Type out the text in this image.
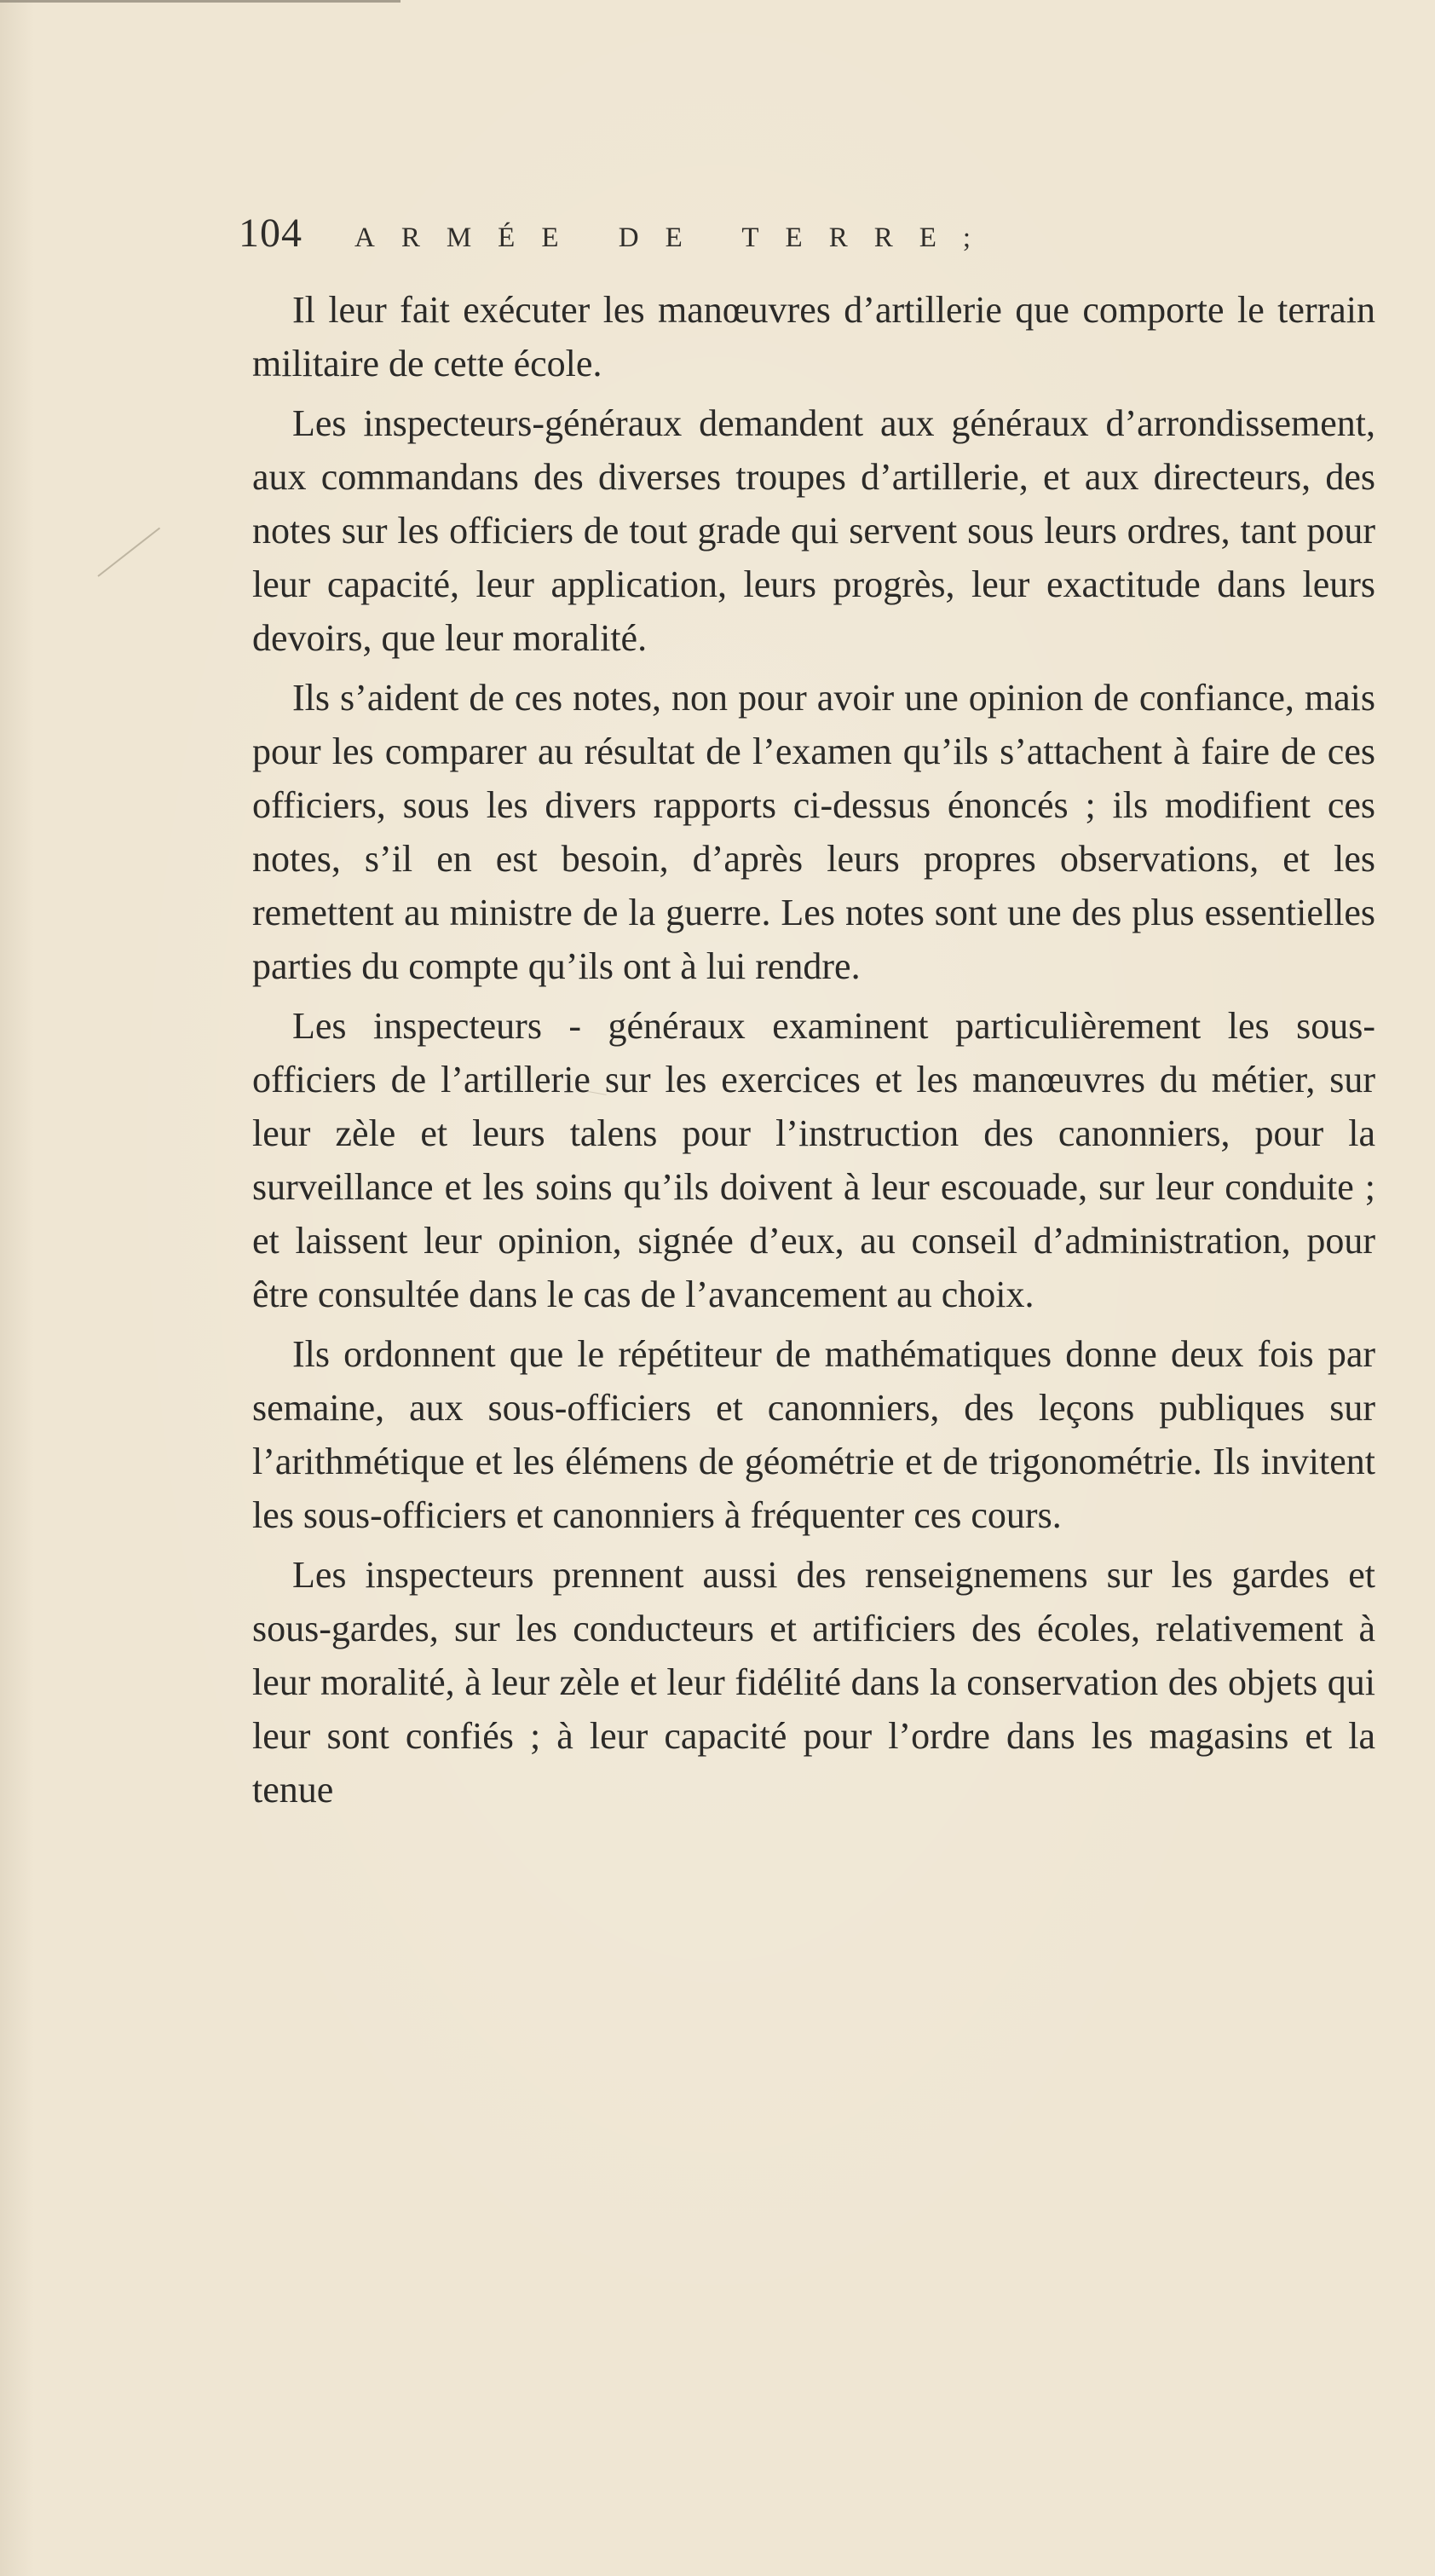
104	ARMÉE DE TERRE;

Il leur fait exécuter les manœuvres d’artillerie que comporte le terrain militaire de cette école.

Les inspecteurs-généraux demandent aux généraux d’arrondissement, aux commandans des diverses troupes d’artillerie, et aux directeurs, des notes sur les officiers de tout grade qui servent sous leurs ordres, tant pour leur capacité, leur application, leurs progrès, leur exactitude dans leurs devoirs, que leur moralité.

Ils s’aident de ces notes, non pour avoir une opinion de confiance, mais pour les comparer au résultat de l’examen qu’ils s’attachent à faire de ces officiers, sous les divers rapports ci-dessus énoncés ; ils modifient ces notes, s’il en est besoin, d’après leurs propres observations, et les remettent au ministre de la guerre. Les notes sont une des plus essentielles parties du compte qu’ils ont à lui rendre.

Les inspecteurs - généraux examinent particulièrement les sous-officiers de l’artillerie sur les exercices et les manœuvres du métier, sur leur zèle et leurs talens pour l’instruction des canonniers, pour la surveillance et les soins qu’ils doivent à leur escouade, sur leur conduite ; et laissent leur opinion, signée d’eux, au conseil d’administration, pour être consultée dans le cas de l’avancement au choix.

Ils ordonnent que le répétiteur de mathématiques donne deux fois par semaine, aux sous-officiers et canonniers, des leçons publiques sur l’arithmétique et les élémens de géométrie et de trigonométrie. Ils invitent les sous-officiers et canonniers à fréquenter ces cours.

Les inspecteurs prennent aussi des renseignemens sur les gardes et sous-gardes, sur les conducteurs et artificiers des écoles, relativement à leur moralité, à leur zèle et leur fidélité dans la conservation des objets qui leur sont confiés ; à leur capacité pour l’ordre dans les magasins et la tenue
